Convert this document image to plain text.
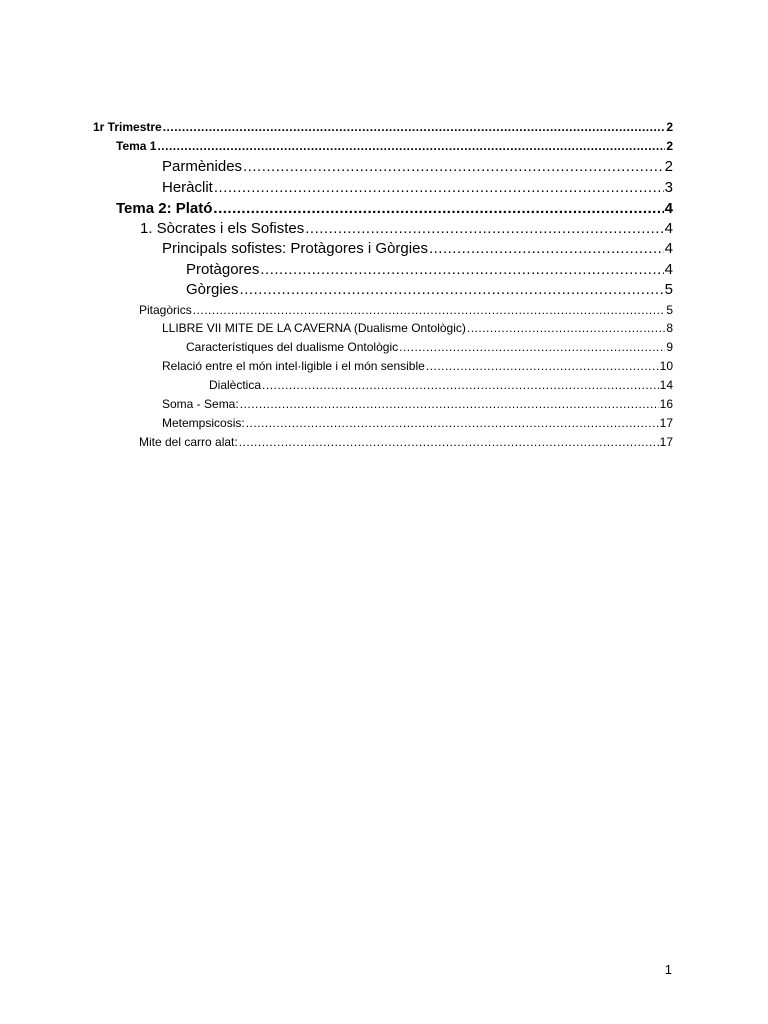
1r Trimestre .....	2
Tema 1 .....	2
Parmènides .....	2
Heràclit .....	3
Tema 2: Plató .....	4
1. Sòcrates i els Sofistes .....	4
Principals sofistes: Protàgores i Gòrgies .....	4
Protàgores .....	4
Gòrgies .....	5
Pitagòrics .....	5
LLIBRE VII MITE DE LA CAVERNA (Dualisme Ontològic) .....	8
Característiques del dualisme Ontològic .....	9
Relació entre el món intel·ligible i el món sensible .....	10
Dialèctica .....	14
Soma - Sema: .....	16
Metempsicosis: .....	17
Mite del carro alat: .....	17
1
